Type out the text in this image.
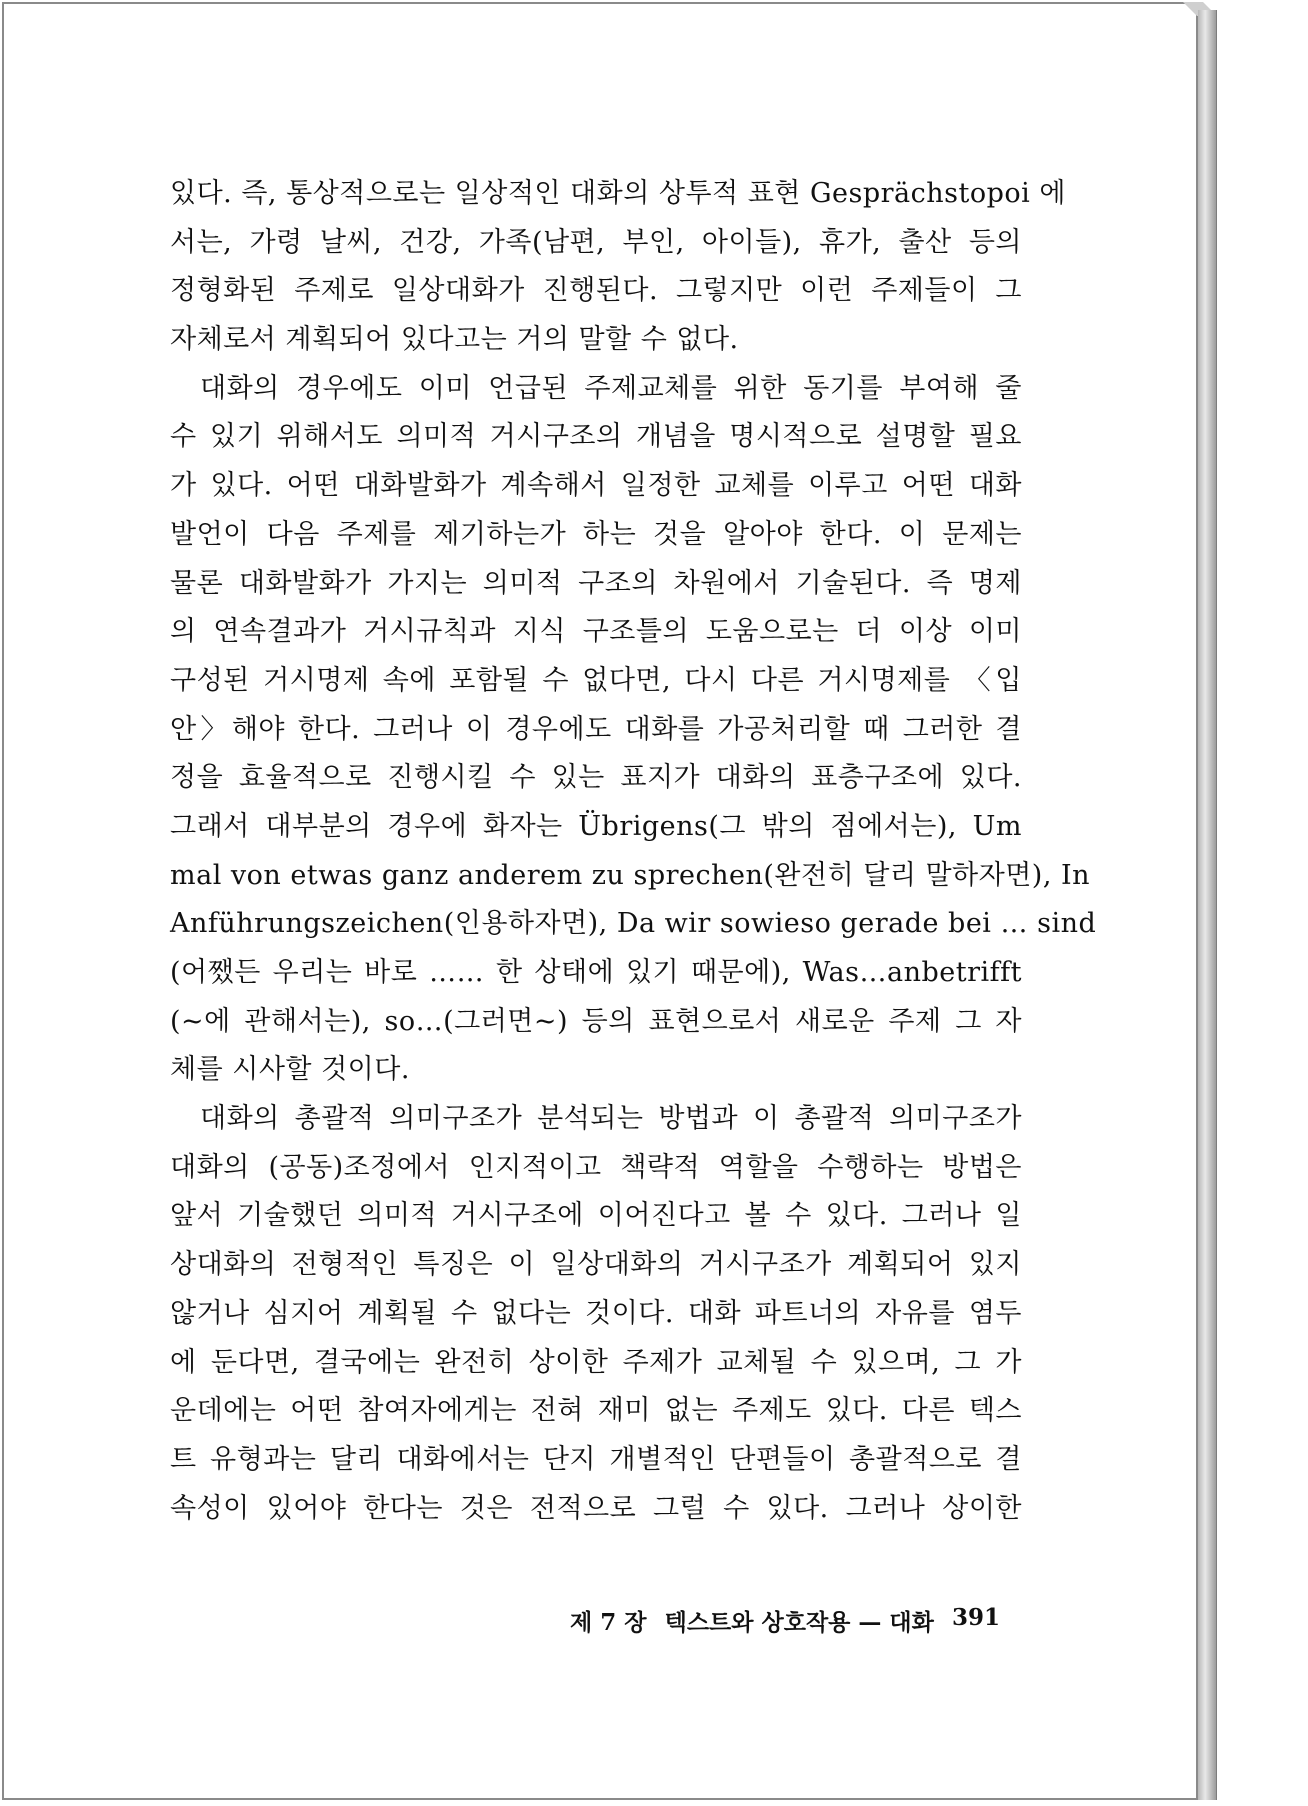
있다. 즉, 통상적으로는 일상적인 대화의 상투적 표현 Gesprächstopoi 에
서는, 가령 날씨, 건강, 가족(남편, 부인, 아이들), 휴가, 출산 등의
정형화된 주제로 일상대화가 진행된다. 그렇지만 이런 주제들이 그
자체로서 계획되어 있다고는 거의 말할 수 없다.
대화의 경우에도 이미 언급된 주제교체를 위한 동기를 부여해 줄
수 있기 위해서도 의미적 거시구조의 개념을 명시적으로 설명할 필요
가 있다. 어떤 대화발화가 계속해서 일정한 교체를 이루고 어떤 대화
발언이 다음 주제를 제기하는가 하는 것을 알아야 한다. 이 문제는
물론 대화발화가 가지는 의미적 구조의 차원에서 기술된다. 즉 명제
의 연속결과가 거시규칙과 지식 구조틀의 도움으로는 더 이상 이미
구성된 거시명제 속에 포함될 수 없다면, 다시 다른 거시명제를 〈입
안〉해야 한다. 그러나 이 경우에도 대화를 가공처리할 때 그러한 결
정을 효율적으로 진행시킬 수 있는 표지가 대화의 표층구조에 있다.
그래서 대부분의 경우에 화자는 Übrigens(그 밖의 점에서는), Um
mal von etwas ganz anderem zu sprechen(완전히 달리 말하자면), In
Anführungszeichen(인용하자면), Da wir sowieso gerade bei … sind
(어쨌든 우리는 바로 …… 한 상태에 있기 때문에), Was…anbetrifft
(~에 관해서는), so…(그러면~) 등의 표현으로서 새로운 주제 그 자
체를 시사할 것이다.
대화의 총괄적 의미구조가 분석되는 방법과 이 총괄적 의미구조가
대화의 (공동)조정에서 인지적이고 책략적 역할을 수행하는 방법은
앞서 기술했던 의미적 거시구조에 이어진다고 볼 수 있다. 그러나 일
상대화의 전형적인 특징은 이 일상대화의 거시구조가 계획되어 있지
않거나 심지어 계획될 수 없다는 것이다. 대화 파트너의 자유를 염두
에 둔다면, 결국에는 완전히 상이한 주제가 교체될 수 있으며, 그 가
운데에는 어떤 참여자에게는 전혀 재미 없는 주제도 있다. 다른 텍스
트 유형과는 달리 대화에서는 단지 개별적인 단편들이 총괄적으로 결
속성이 있어야 한다는 것은 전적으로 그럴 수 있다. 그러나 상이한
제 7 장 텍스트와 상호작용 — 대화 391
